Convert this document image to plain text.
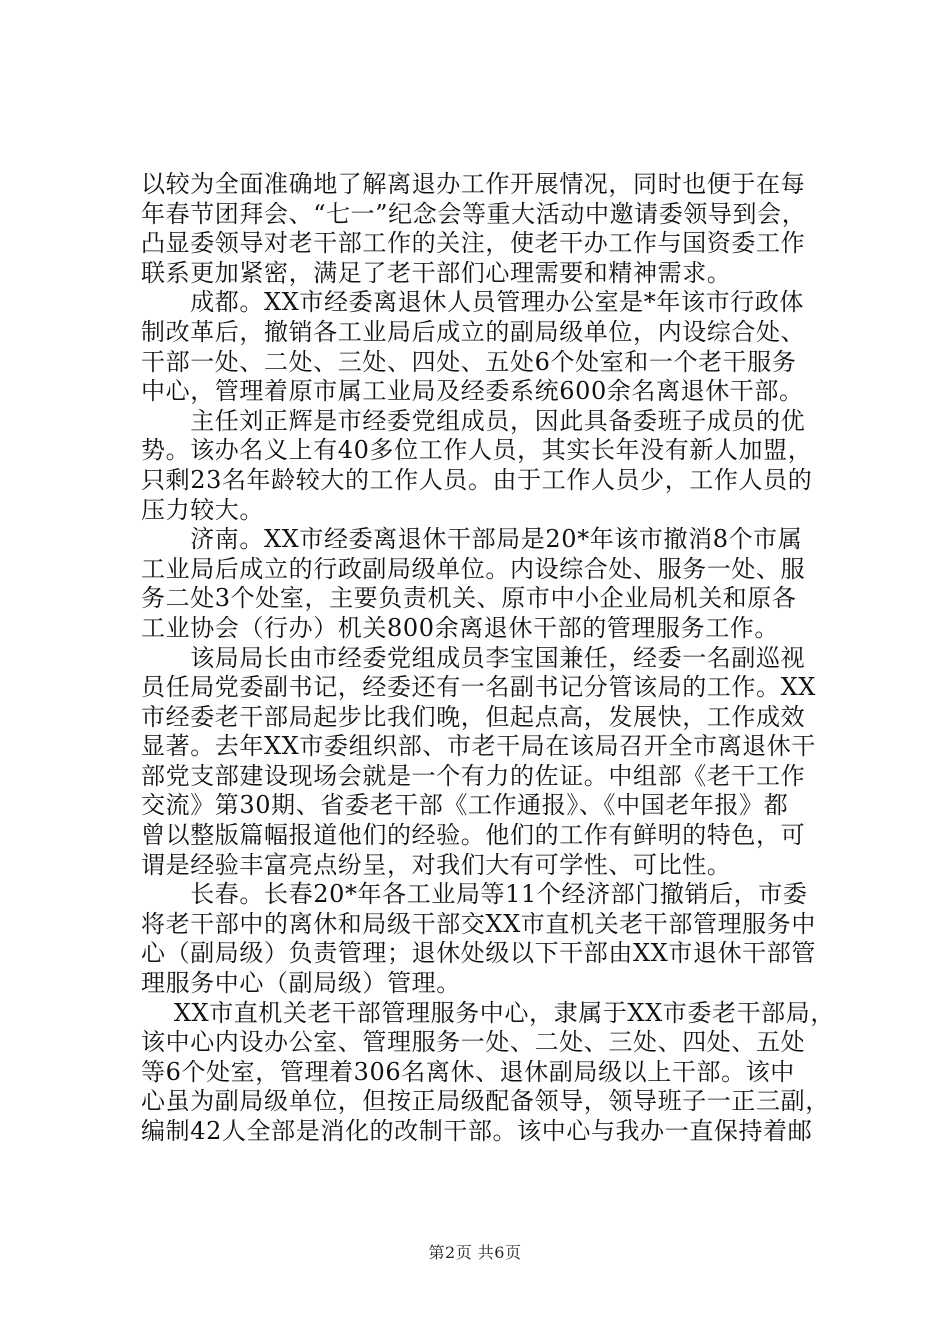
以较为全面准确地了解离退办工作开展情况，同时也便于在每
年春节团拜会、“七一”纪念会等重大活动中邀请委领导到会，
凸显委领导对老干部工作的关注，使老干办工作与国资委工作
联系更加紧密，满足了老干部们心理需要和精神需求。
　　成都。XX市经委离退休人员管理办公室是*年该市行政体
制改革后，撤销各工业局后成立的副局级单位，内设综合处、
干部一处、二处、三处、四处、五处6个处室和一个老干服务
中心，管理着原市属工业局及经委系统600余名离退休干部。
　　主任刘正辉是市经委党组成员，因此具备委班子成员的优
势。该办名义上有40多位工作人员，其实长年没有新人加盟，
只剩23名年龄较大的工作人员。由于工作人员少，工作人员的
压力较大。
　　济南。XX市经委离退休干部局是20*年该市撤消8个市属
工业局后成立的行政副局级单位。内设综合处、服务一处、服
务二处3个处室，主要负责机关、原市中小企业局机关和原各
工业协会（行办）机关800余离退休干部的管理服务工作。
　　该局局长由市经委党组成员李宝国兼任，经委一名副巡视
员任局党委副书记，经委还有一名副书记分管该局的工作。XX
市经委老干部局起步比我们晚，但起点高，发展快，工作成效
显著。去年XX市委组织部、市老干局在该局召开全市离退休干
部党支部建设现场会就是一个有力的佐证。中组部《老干工作
交流》第30期、省委老干部《工作通报》、《中国老年报》都
曾以整版篇幅报道他们的经验。他们的工作有鲜明的特色，可
谓是经验丰富亮点纷呈，对我们大有可学性、可比性。
　　长春。长春20*年各工业局等11个经济部门撤销后，市委
将老干部中的离休和局级干部交XX市直机关老干部管理服务中
心（副局级）负责管理；退休处级以下干部由XX市退休干部管
理服务中心（副局级）管理。
　 XX市直机关老干部管理服务中心，隶属于XX市委老干部局，
该中心内设办公室、管理服务一处、二处、三处、四处、五处
等6个处室，管理着306名离休、退休副局级以上干部。该中
心虽为副局级单位，但按正局级配备领导，领导班子一正三副，
编制42人全部是消化的改制干部。该中心与我办一直保持着邮
第2页 共6页
